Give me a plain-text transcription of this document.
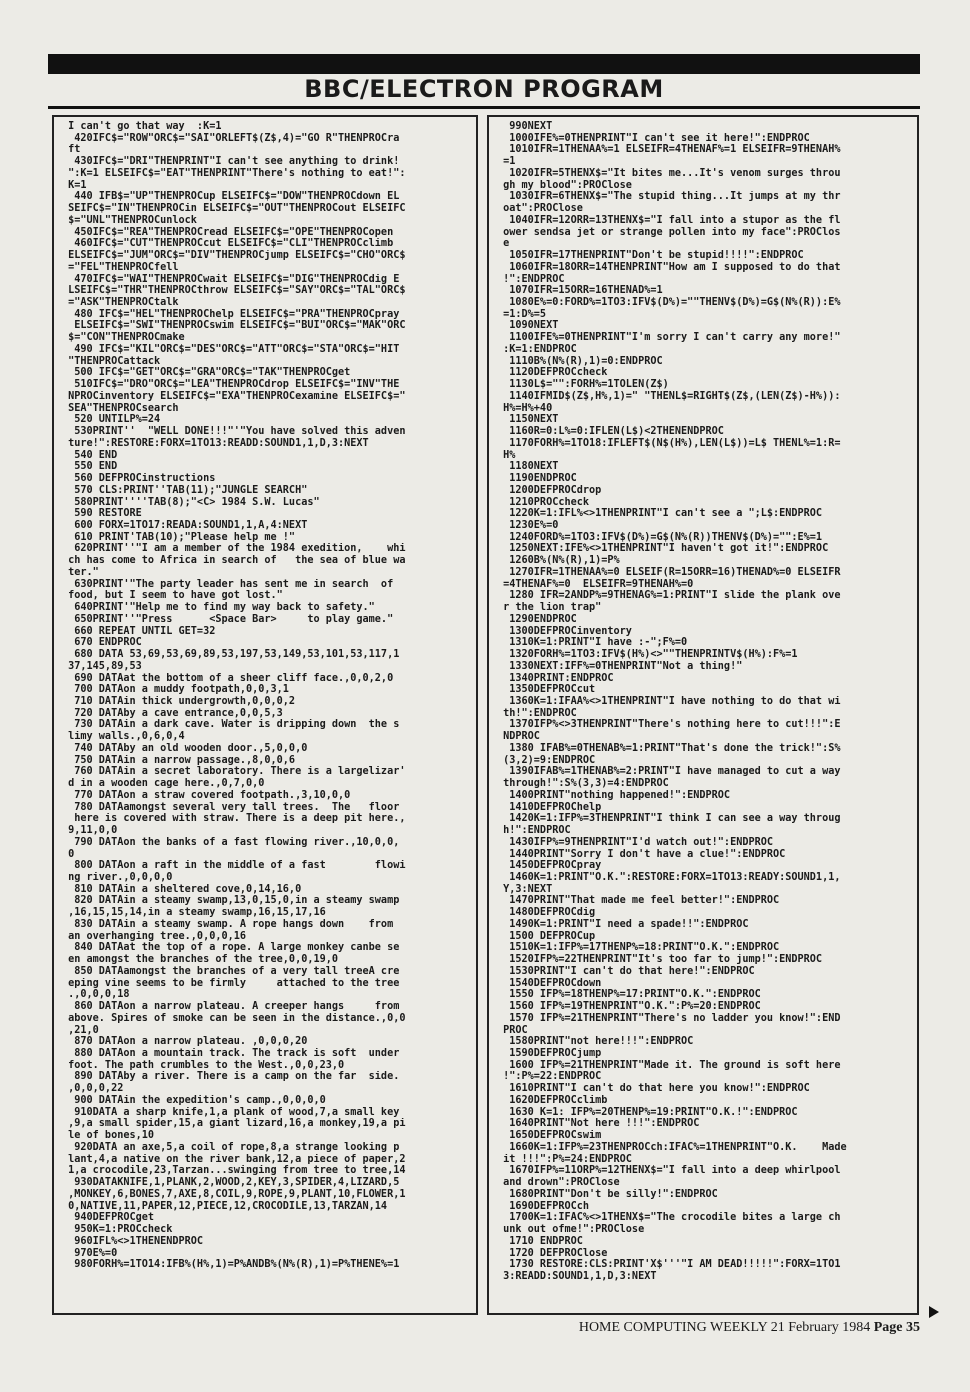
BBC/ELECTRON PROGRAM
I can't go that way  :K=1
420IFC$="ROW"ORC$="SAI"ORLEFT$(Z$,4)="GO R"THENPROCra
ft
430IFC$="DRI"THENPRINT"I can't see anything to drink!
":K=1 ELSEIFC$="EAT"THENPRINT"There's nothing to eat!":
K=1
440 IFB$="UP"THENPROCup ELSEIFC$="DOW"THENPROCdown EL
SEIFC$="IN"THENPROCin ELSEIFC$="OUT"THENPROCout ELSEIFC
$="UNL"THENPROCunlock
450IFC$="REA"THENPROCread ELSEIFC$="OPE"THENPROCopen
460IFC$="CUT"THENPROCcut ELSEIFC$="CLI"THENPROCclimb
ELSEIFC$="JUM"ORC$="DIV"THENPROCjump ELSEIFC$="CHO"ORC$
="FEL"THENPROCfell
470IFC$="WAI"THENPROCwait ELSEIFC$="DIG"THENPROCdig E
LSEIFC$="THR"THENPROCthrow ELSEIFC$="SAY"ORC$="TAL"ORC$
="ASK"THENPROCtalk
480 IFC$="HEL"THENPROChelp ELSEIFC$="PRA"THENPROCpray
ELSEIFC$="SWI"THENPROCswim ELSEIFC$="BUI"ORC$="MAK"ORC
$="CON"THENPROCmake
490 IFC$="KIL"ORC$="DES"ORC$="ATT"ORC$="STA"ORC$="HIT
"THENPROCattack
500 IFC$="GET"ORC$="GRA"ORC$="TAK"THENPROCget
510IFC$="DRO"ORC$="LEA"THENPROCdrop ELSEIFC$="INV"THE
NPROCinventory ELSEIFC$="EXA"THENPROCexamine ELSEIFC$="
SEA"THENPROCsearch
520 UNTILP%=24
530PRINT''  "WELL DONE!!!"'"You have solved this adven
ture!":RESTORE:FORX=1TO13:READD:SOUND1,1,D,3:NEXT
540 END
550 END
560 DEFPROCinstructions
570 CLS:PRINT''TAB(11);"JUNGLE SEARCH"
580PRINT''''TAB(8);"<C> 1984 S.W. Lucas"
590 RESTORE
600 FORX=1TO17:READA:SOUND1,1,A,4:NEXT
610 PRINT'TAB(10);"Please help me !"
620PRINT''"I am a member of the 1984 exedition,    whi
ch has come to Africa in search of   the sea of blue wa
ter."
630PRINT'"The party leader has sent me in search  of
food, but I seem to have got lost."
640PRINT'"Help me to find my way back to safety."
650PRINT''"Press      <Space Bar>     to play game."
660 REPEAT UNTIL GET=32
670 ENDPROC
680 DATA 53,69,53,69,89,53,197,53,149,53,101,53,117,1
37,145,89,53
690 DATAat the bottom of a sheer cliff face.,0,0,2,0
700 DATAon a muddy footpath,0,0,3,1
710 DATAin thick undergrowth,0,0,0,2
720 DATAby a cave entrance,0,0,5,3
730 DATAin a dark cave. Water is dripping down  the s
limy walls.,0,6,0,4
740 DATAby an old wooden door.,5,0,0,0
750 DATAin a narrow passage.,8,0,0,6
760 DATAin a secret laboratory. There is a largelizar'
d in a wooden cage here.,0,7,0,0
770 DATAon a straw covered footpath.,3,10,0,0
780 DATAamongst several very tall trees.  The   floor
here is covered with straw. There is a deep pit here.,
9,11,0,0
790 DATAon the banks of a fast flowing river.,10,0,0,
0
800 DATAon a raft in the middle of a fast        flowi
ng river.,0,0,0,0
810 DATAin a sheltered cove,0,14,16,0
820 DATAin a steamy swamp,13,0,15,0,in a steamy swamp
,16,15,15,14,in a steamy swamp,16,15,17,16
830 DATAin a steamy swamp. A rope hangs down    from
an overhanging tree.,0,0,0,16
840 DATAat the top of a rope. A large monkey canbe se
en amongst the branches of the tree,0,0,19,0
850 DATAamongst the branches of a very tall treeA cre
eping vine seems to be firmly     attached to the tree
.,0,0,0,18
860 DATAon a narrow plateau. A creeper hangs     from
above. Spires of smoke can be seen in the distance.,0,0
,21,0
870 DATAon a narrow plateau. ,0,0,0,20
880 DATAon a mountain track. The track is soft  under
foot. The path crumbles to the West.,0,0,23,0
890 DATAby a river. There is a camp on the far  side.
,0,0,0,22
900 DATAin the expedition's camp.,0,0,0,0
910DATA a sharp knife,1,a plank of wood,7,a small key
,9,a small spider,15,a giant lizard,16,a monkey,19,a pi
le of bones,10
920DATA an axe,5,a coil of rope,8,a strange looking p
lant,4,a native on the river bank,12,a piece of paper,2
1,a crocodile,23,Tarzan...swinging from tree to tree,14
930DATAKNIFE,1,PLANK,2,WOOD,2,KEY,3,SPIDER,4,LIZARD,5
,MONKEY,6,BONES,7,AXE,8,COIL,9,ROPE,9,PLANT,10,FLOWER,1
0,NATIVE,11,PAPER,12,PIECE,12,CROCODILE,13,TARZAN,14
940DEFPROCget
950K=1:PROCcheck
960IFL%<>1THENENDPROC
970E%=0
980FORH%=1TO14:IFB%(H%,1)=P%ANDB%(N%(R),1)=P%THENE%=1
990NEXT
1000IFE%=0THENPRINT"I can't see it here!":ENDPROC
1010IFR=1THENAA%=1 ELSEIFR=4THENAF%=1 ELSEIFR=9THENAH%
=1
1020IFR=5THENX$="It bites me...It's venom surges throu
gh my blood":PROClose
1030IFR=6THENX$="The stupid thing...It jumps at my thr
oat":PROClose
1040IFR=12ORR=13THENX$="I fall into a stupor as the fl
ower sendsa jet or strange pollen into my face":PROClos
e
1050IFR=17THENPRINT"Don't be stupid!!!!":ENDPROC
1060IFR=18ORR=14THENPRINT"How am I supposed to do that
!":ENDPROC
1070IFR=15ORR=16THENAD%=1
1080E%=0:FORD%=1TO3:IFV$(D%)=""THENV$(D%)=G$(N%(R)):E%
=1:D%=5
1090NEXT
1100IFE%=0THENPRINT"I'm sorry I can't carry any more!"
:K=1:ENDPROC
1110B%(N%(R),1)=0:ENDPROC
1120DEFPROCcheck
1130L$="":FORH%=1TOLEN(Z$)
1140IFMID$(Z$,H%,1)=" "THENL$=RIGHT$(Z$,(LEN(Z$)-H%)):
H%=H%+40
1150NEXT
1160R=0:L%=0:IFLEN(L$)<2THENENDPROC
1170FORH%=1TO18:IFLEFT$(N$(H%),LEN(L$))=L$ THENL%=1:R=
H%
1180NEXT
1190ENDPROC
1200DEFPROCdrop
1210PROCcheck
1220K=1:IFL%<>1THENPRINT"I can't see a ";L$:ENDPROC
1230E%=0
1240FORD%=1TO3:IFV$(D%)=G$(N%(R))THENV$(D%)="":E%=1
1250NEXT:IFE%<>1THENPRINT"I haven't got it!":ENDPROC
1260B%(N%(R),1)=P%
1270IFR=1THENAA%=0 ELSEIF(R=15ORR=16)THENAD%=0 ELSEIFR
=4THENAF%=0  ELSEIFR=9THENAH%=0
1280 IFR=2ANDP%=9THENAG%=1:PRINT"I slide the plank ove
r the lion trap"
1290ENDPROC
1300DEFPROCinventory
1310K=1:PRINT"I have :-";F%=0
1320FORH%=1TO3:IFV$(H%)<>""THENPRINTV$(H%):F%=1
1330NEXT:IFF%=0THENPRINT"Not a thing!"
1340PRINT:ENDPROC
1350DEFPROCcut
1360K=1:IFAA%<>1THENPRINT"I have nothing to do that wi
th!":ENDPROC
1370IFP%<>3THENPRINT"There's nothing here to cut!!!":E
NDPROC
1380 IFAB%=0THENAB%=1:PRINT"That's done the trick!":S%
(3,2)=9:ENDPROC
1390IFAB%=1THENAB%=2:PRINT"I have managed to cut a way
through!":S%(3,3)=4:ENDPROC
1400PRINT"nothing happened!":ENDPROC
1410DEFPROChelp
1420K=1:IFP%=3THENPRINT"I think I can see a way throug
h!":ENDPROC
1430IFP%=9THENPRINT"I'd watch out!":ENDPROC
1440PRINT"Sorry I don't have a clue!":ENDPROC
1450DEFPROCpray
1460K=1:PRINT"O.K.":RESTORE:FORX=1TO13:READY:SOUND1,1,
Y,3:NEXT
1470PRINT"That made me feel better!":ENDPROC
1480DEFPROCdig
1490K=1:PRINT"I need a spade!!":ENDPROC
1500 DEFPROCup
1510K=1:IFP%=17THENP%=18:PRINT"O.K.":ENDPROC
1520IFP%=22THENPRINT"It's too far to jump!":ENDPROC
1530PRINT"I can't do that here!":ENDPROC
1540DEFPROCdown
1550 IFP%=18THENP%=17:PRINT"O.K.":ENDPROC
1560 IFP%=19THENPRINT"O.K.":P%=20:ENDPROC
1570 IFP%=21THENPRINT"There's no ladder you know!":END
PROC
1580PRINT"not here!!!":ENDPROC
1590DEFPROCjump
1600 IFP%=21THENPRINT"Made it. The ground is soft here
!":P%=22:ENDPROC
1610PRINT"I can't do that here you know!":ENDPROC
1620DEFPROCclimb
1630 K=1: IFP%=20THENP%=19:PRINT"O.K.!":ENDPROC
1640PRINT"Not here !!!":ENDPROC
1650DEFPROCswim
1660K=1:IFP%=23THENPROCch:IFAC%=1THENPRINT"O.K.    Made
it !!!":P%=24:ENDPROC
1670IFP%=11ORP%=12THENX$="I fall into a deep whirlpool
and drown":PROClose
1680PRINT"Don't be silly!":ENDPROC
1690DEFPROCch
1700K=1:IFAC%<>1THENX$="The crocodile bites a large ch
unk out ofme!":PROClose
1710 ENDPROC
1720 DEFPROClose
1730 RESTORE:CLS:PRINT'X$'''"I AM DEAD!!!!!":FORX=1TO1
3:READD:SOUND1,1,D,3:NEXT
HOME COMPUTING WEEKLY 21 February 1984 Page 35
